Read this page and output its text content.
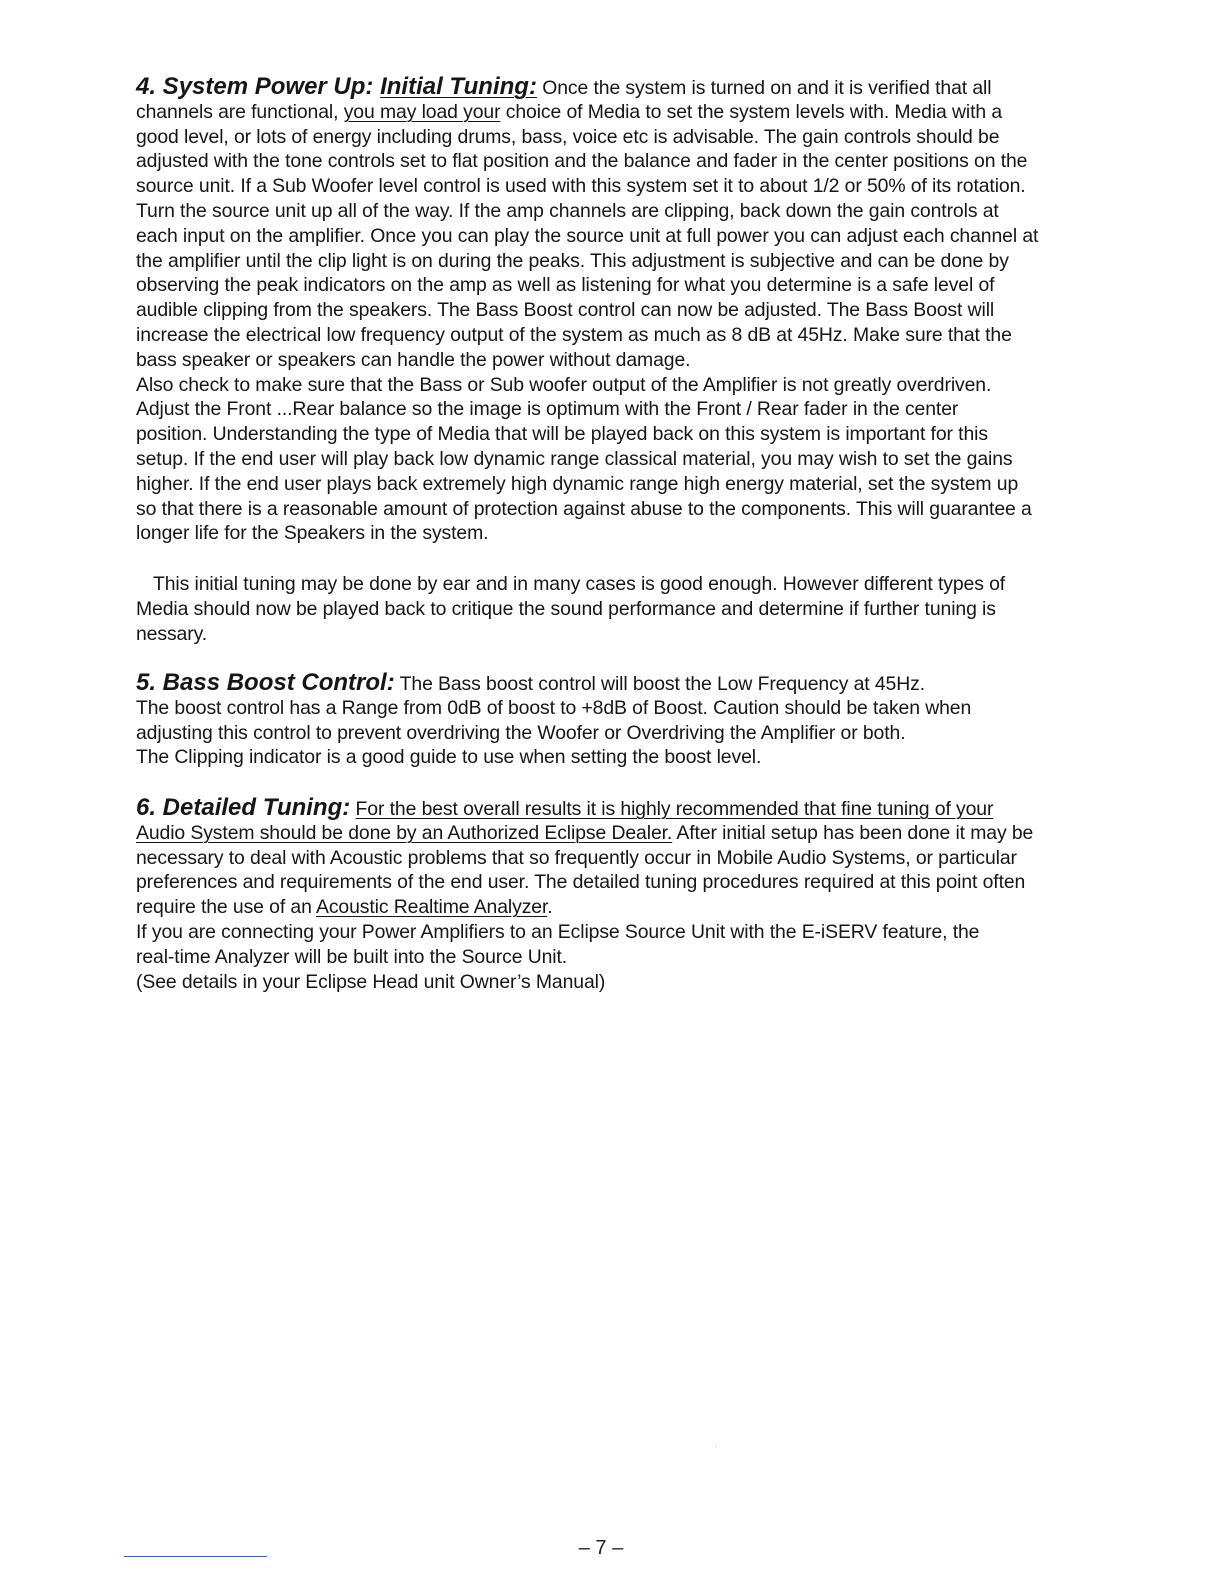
4. System Power Up: Initial Tuning: Once the system is turned on and it is verified that all
channels are functional, you may load your choice of Media to set the system levels with. Media with a
good level, or lots of energy including drums, bass, voice etc is advisable. The gain controls should be
adjusted with the tone controls set to flat position and the balance and fader in the center positions on the
source unit. If a Sub Woofer level control is used with this system set it to about 1/2 or 50% of its rotation.
Turn the source unit up all of the way. If the amp channels are clipping, back down the gain controls at
each input on the amplifier. Once you can play the source unit at full power you can adjust each channel at
the amplifier until the clip light is on during the peaks. This adjustment is subjective and can be done by
observing the peak indicators on the amp as well as listening for what you determine is a safe level of
audible clipping from the speakers. The Bass Boost control can now be adjusted. The Bass Boost will
increase the electrical low frequency output of the system as much as 8 dB at 45Hz. Make sure that the
bass speaker or speakers can handle the power without damage.
Also check to make sure that the Bass or Sub woofer output of the Amplifier is not greatly overdriven.
Adjust the Front ...Rear balance so the image is optimum with the Front / Rear fader in the center
position. Understanding the type of Media that will be played back on this system is important for this
setup. If the end user will play back low dynamic range classical material, you may wish to set the gains
higher. If the end user plays back extremely high dynamic range high energy material, set the system up
so that there is a reasonable amount of protection against abuse to the components. This will guarantee a
longer life for the Speakers in the system.
This initial tuning may be done by ear and in many cases is good enough. However different types of
Media should now be played back to critique the sound performance and determine if further tuning is
nessary.
5. Bass Boost Control: The Bass boost control will boost the Low Frequency at 45Hz.
The boost control has a Range from 0dB of boost to +8dB of Boost. Caution should be taken when
adjusting this control to prevent overdriving the Woofer or Overdriving the Amplifier or both.
The Clipping indicator is a good guide to use when setting the boost level.
6. Detailed Tuning: For the best overall results it is highly recommended that fine tuning of your
Audio System should be done by an Authorized Eclipse Dealer. After initial setup has been done it may be
necessary to deal with Acoustic problems that so frequently occur in Mobile Audio Systems, or particular
preferences and requirements of the end user. The detailed tuning procedures required at this point often
require the use of an Acoustic Realtime Analyzer.
If you are connecting your Power Amplifiers to an Eclipse Source Unit with the E-iSERV feature, the
real-time Analyzer will be built into the Source Unit.
(See details in your Eclipse Head unit Owner’s Manual)
– 7 –
